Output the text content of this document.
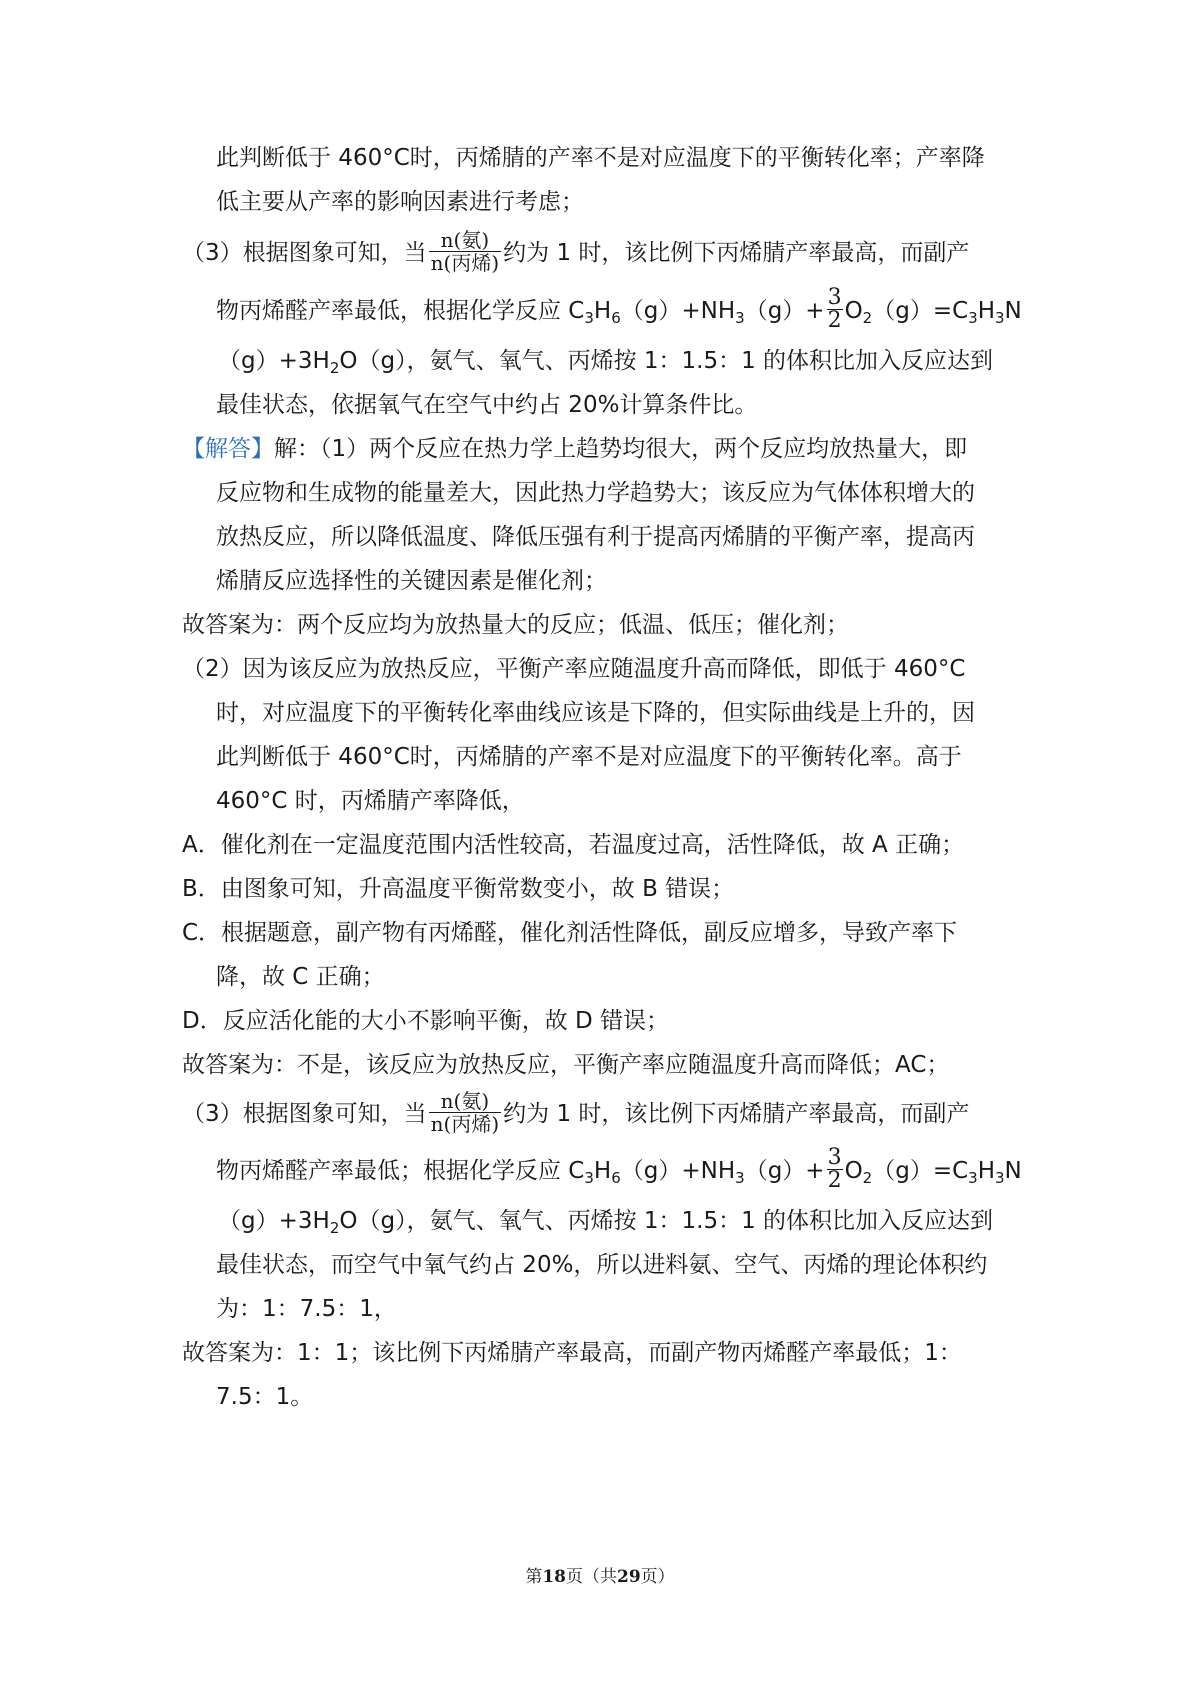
此判断低于 460°C时，丙烯腈的产率不是对应温度下的平衡转化率；产率降
低主要从产率的影响因素进行考虑；
（3）根据图象可知，当 $\frac{\text{n(氨)}}{\text{n(丙烯)}}$ 约为 1 时，该比例下丙烯腈产率最高，而副产
物丙烯醛产率最低，根据化学反应 $C_3H_6(g)+NH_3(g)+ \frac{3}{2} O_2(g)=C_3H_3N$
$(g)+3H_2O(g)$，氨气、氧气、丙烯按 1：1.5：1 的体积比加入反应达到
最佳状态，依据氧气在空气中约占 20%计算条件比。
【解答】解：（1）两个反应在热力学上趋势均很大，两个反应均放热量大，即
反应物和生成物的能量差大，因此热力学趋势大；该反应为气体体积增大的
放热反应，所以降低温度、降低压强有利于提高丙烯腈的平衡产率，提高丙
烯腈反应选择性的关键因素是催化剂；
故答案为：两个反应均为放热量大的反应；低温、低压；催化剂；
（2）因为该反应为放热反应，平衡产率应随温度升高而降低，即低于 460°C
时，对应温度下的平衡转化率曲线应该是下降的，但实际曲线是上升的，因
此判断低于 460°C时，丙烯腈的产率不是对应温度下的平衡转化率。高于
460°C 时，丙烯腈产率降低，
A．催化剂在一定温度范围内活性较高，若温度过高，活性降低，故 A 正确；
B．由图象可知，升高温度平衡常数变小，故 B 错误；
C．根据题意，副产物有丙烯醛，催化剂活性降低，副反应增多，导致产率下
降，故 C 正确；
D．反应活化能的大小不影响平衡，故 D 错误；
故答案为：不是，该反应为放热反应，平衡产率应随温度升高而降低；AC；
（3）根据图象可知，当 $\frac{\text{n(氨)}}{\text{n(丙烯)}}$ 约为 1 时，该比例下丙烯腈产率最高，而副产
物丙烯醛产率最低；根据化学反应 $C_3H_6(g)+NH_3(g)+ \frac{3}{2} O_2(g)=C_3H_3N$
$(g)+3H_2O(g)$，氨气、氧气、丙烯按 1：1.5：1 的体积比加入反应达到
最佳状态，而空气中氧气约占 20%，所以进料氨、空气、丙烯的理论体积约
为：1：7.5：1，
故答案为：1：1；该比例下丙烯腈产率最高，而副产物丙烯醛产率最低；1：
7.5：1。
第18页（共29页）
